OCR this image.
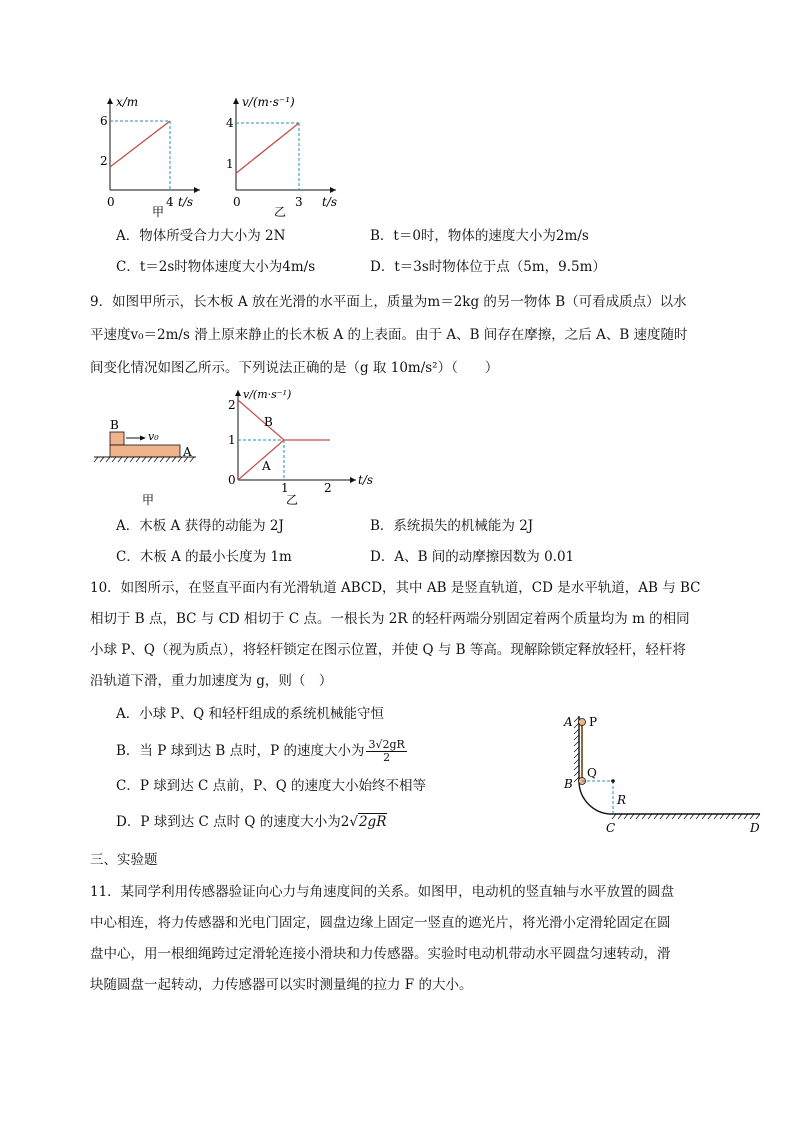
x/m
6
2
0	4 t/s
甲
v/(m·s⁻¹)
4
1
0	3 t/s
乙
A．物体所受合力大小为 2N	B．t＝0时，物体的速度大小为2m/s
C．t＝2s时物体速度大小为4m/s	D．t＝3s时物体位于点（5m，9.5m）
9．如图甲所示，长木板 A 放在光滑的水平面上，质量为m＝2kg 的另一物体 B（可看成质点）以水
平速度v₀＝2m/s 滑上原来静止的长木板 A 的上表面。由于 A、B 间存在摩擦，之后 A、B 速度随时
间变化情况如图乙所示。下列说法正确的是（g 取 10m/s²）（　　）
B
A
v₀
甲
v/(m·s⁻¹)
2
1
0
1	2
t/s
B
A
乙
A．木板 A 获得的动能为 2J	B．系统损失的机械能为 2J
C．木板 A 的最小长度为 1m	D．A、B 间的动摩擦因数为 0.01
10．如图所示，在竖直平面内有光滑轨道 ABCD，其中 AB 是竖直轨道，CD 是水平轨道，AB 与 BC
相切于 B 点，BC 与 CD 相切于 C 点。一根长为 2R 的轻杆两端分别固定着两个质量均为 m 的相同
小球 P、Q（视为质点），将轻杆锁定在图示位置，并使 Q 与 B 等高。现解除锁定释放轻杆，轻杆将
沿轨道下滑，重力加速度为 g，则（　）
A．小球 P、Q 和轻杆组成的系统机械能守恒
B．当 P 球到达 B 点时，P 的速度大小为 $\frac{3√2gR}{2}$
C．P 球到达 C 点前，P、Q 的速度大小始终不相等
D．P 球到达 C 点时 Q 的速度大小为2√2gR
A P
B
Q
R
C	D
三、实验题
11．某同学利用传感器验证向心力与角速度间的关系。如图甲，电动机的竖直轴与水平放置的圆盘
中心相连，将力传感器和光电门固定，圆盘边缘上固定一竖直的遮光片，将光滑小定滑轮固定在圆
盘中心，用一根细绳跨过定滑轮连接小滑块和力传感器。实验时电动机带动水平圆盘匀速转动，滑
块随圆盘一起转动，力传感器可以实时测量绳的拉力 F 的大小。
